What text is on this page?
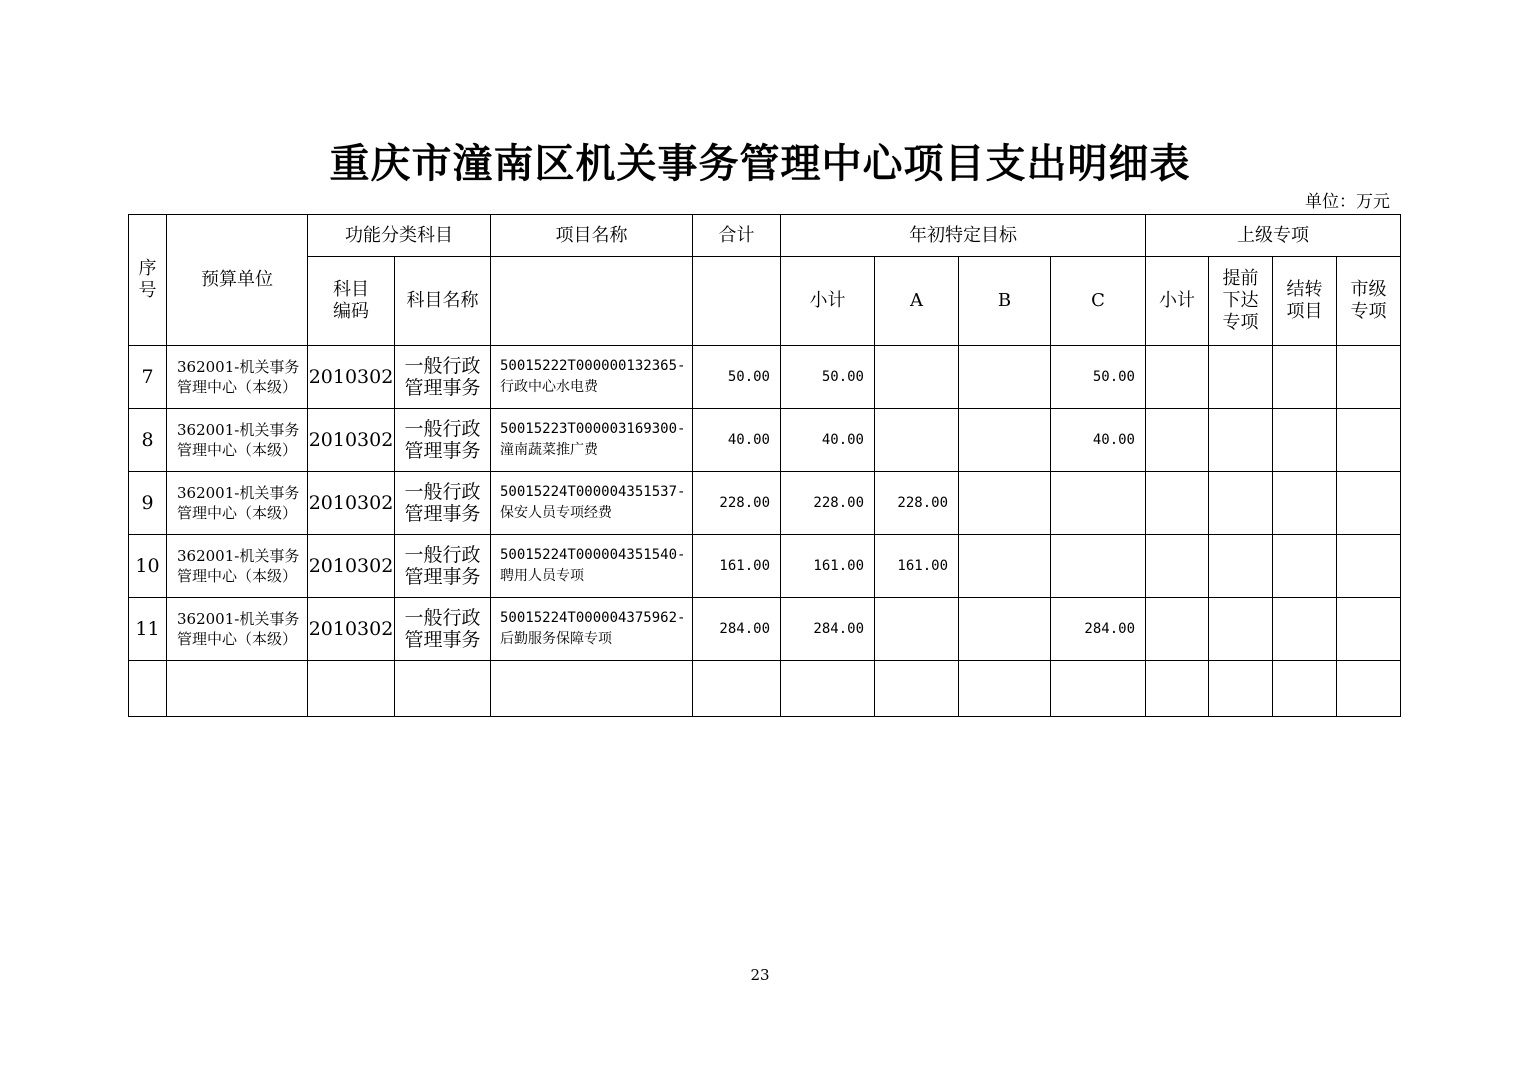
重庆市潼南区机关事务管理中心项目支出明细表
单位：万元
序号	预算单位	功能分类科目		项目名称	合计	年初特定目标				上级专项			

		科目编码	科目名称			小计	A	B	C	小计	提前下达专项	结转项目	市级专项

7	362001-机关事务管理中心（本级）	2010302	一般行政管理事务	50015222T000000132365-行政中心水电费	50.00	50.00			50.00				
8	362001-机关事务管理中心（本级）	2010302	一般行政管理事务	50015223T000003169300-潼南蔬菜推广费	40.00	40.00			40.00				
9	362001-机关事务管理中心（本级）	2010302	一般行政管理事务	50015224T000004351537-保安人员专项经费	228.00	228.00	228.00						
10	362001-机关事务管理中心（本级）	2010302	一般行政管理事务	50015224T000004351540-聘用人员专项	161.00	161.00	161.00						
11	362001-机关事务管理中心（本级）	2010302	一般行政管理事务	50015224T000004375962-后勤服务保障专项	284.00	284.00			284.00				

23
